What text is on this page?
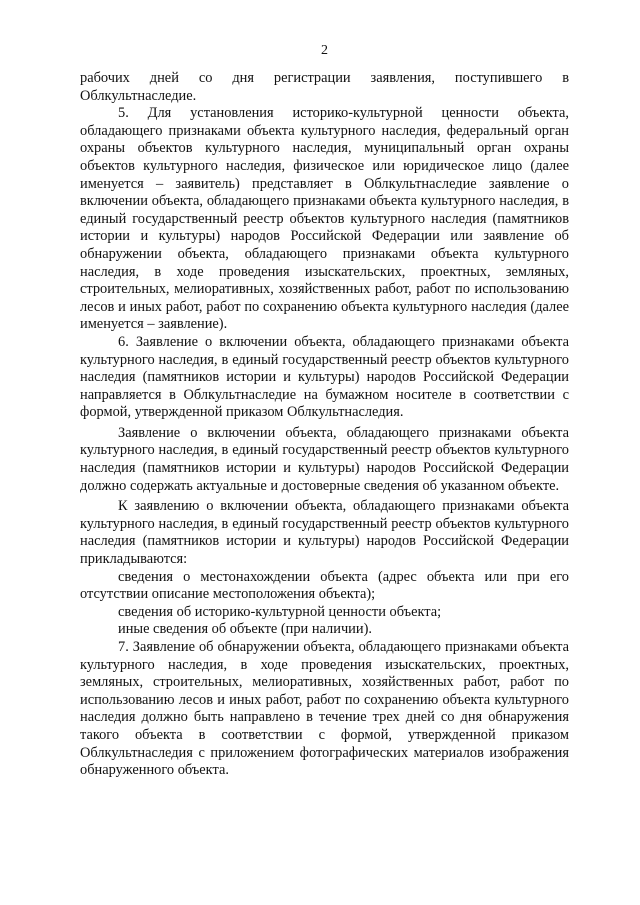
2

рабочих дней со дня регистрации заявления, поступившего в Облкультнаследие.

5. Для установления историко-культурной ценности объекта, обладающего признаками объекта культурного наследия, федеральный орган охраны объектов культурного наследия, муниципальный орган охраны объектов культурного наследия, физическое или юридическое лицо (далее именуется – заявитель) представляет в Облкультнаследие заявление о включении объекта, обладающего признаками объекта культурного наследия, в единый государственный реестр объектов культурного наследия (памятников истории и культуры) народов Российской Федерации или заявление об обнаружении объекта, обладающего признаками объекта культурного наследия, в ходе проведения изыскательских, проектных, земляных, строительных, мелиоративных, хозяйственных работ, работ по использованию лесов и иных работ, работ по сохранению объекта культурного наследия (далее именуется – заявление).

6. Заявление о включении объекта, обладающего признаками объекта культурного наследия, в единый государственный реестр объектов культурного наследия (памятников истории и культуры) народов Российской Федерации направляется в Облкультнаследие на бумажном носителе в соответствии с формой, утвержденной приказом Облкультнаследия.

Заявление о включении объекта, обладающего признаками объекта культурного наследия, в единый государственный реестр объектов культурного наследия (памятников истории и культуры) народов Российской Федерации должно содержать актуальные и достоверные сведения об указанном объекте.

К заявлению о включении объекта, обладающего признаками объекта культурного наследия, в единый государственный реестр объектов культурного наследия (памятников истории и культуры) народов Российской Федерации прикладываются:

сведения о местонахождении объекта (адрес объекта или при его отсутствии описание местоположения объекта);

сведения об историко-культурной ценности объекта;

иные сведения об объекте (при наличии).

7. Заявление об обнаружении объекта, обладающего признаками объекта культурного наследия, в ходе проведения изыскательских, проектных, земляных, строительных, мелиоративных, хозяйственных работ, работ по использованию лесов и иных работ, работ по сохранению объекта культурного наследия должно быть направлено в течение трех дней со дня обнаружения такого объекта в соответствии с формой, утвержденной приказом Облкультнаследия с приложением фотографических материалов изображения обнаруженного объекта.
